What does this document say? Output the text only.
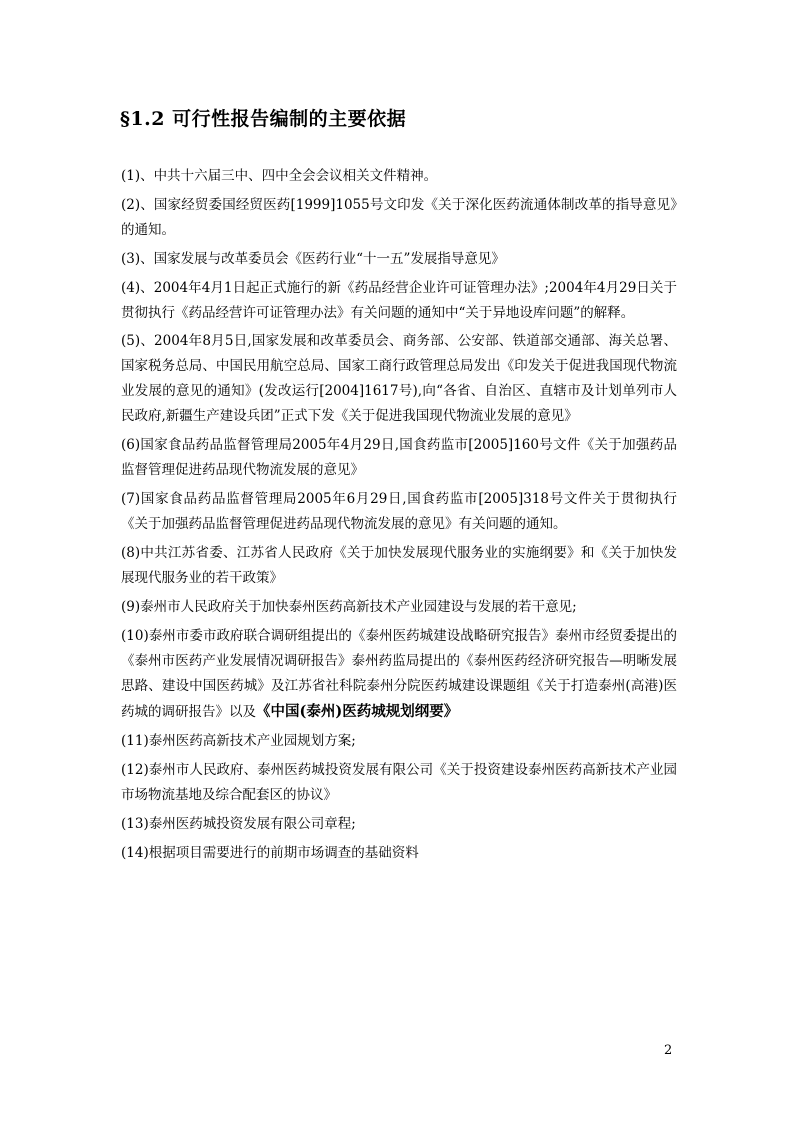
§1.2 可行性报告编制的主要依据

(1)、中共十六届三中、四中全会会议相关文件精神。

(2)、国家经贸委国经贸医药[1999]1055号文印发《关于深化医药流通体制改革的指导意见》的通知。

(3)、国家发展与改革委员会《医药行业“十一五”发展指导意见》

(4)、2004年4月1日起正式施行的新《药品经营企业许可证管理办法》;2004年4月29日关于贯彻执行《药品经营许可证管理办法》有关问题的通知中“关于异地设库问题”的解释。

(5)、2004年8月5日,国家发展和改革委员会、商务部、公安部、铁道部交通部、海关总署、国家税务总局、中国民用航空总局、国家工商行政管理总局发出《印发关于促进我国现代物流业发展的意见的通知》(发改运行[2004]1617号),向“各省、自治区、直辖市及计划单列市人民政府,新疆生产建设兵团”正式下发《关于促进我国现代物流业发展的意见》

(6)国家食品药品监督管理局2005年4月29日,国食药监市[2005]160号文件《关于加强药品监督管理促进药品现代物流发展的意见》

(7)国家食品药品监督管理局2005年6月29日,国食药监市[2005]318号文件关于贯彻执行《关于加强药品监督管理促进药品现代物流发展的意见》有关问题的通知。

(8)中共江苏省委、江苏省人民政府《关于加快发展现代服务业的实施纲要》和《关于加快发展现代服务业的若干政策》

(9)泰州市人民政府关于加快泰州医药高新技术产业园建设与发展的若干意见;

(10)泰州市委市政府联合调研组提出的《泰州医药城建设战略研究报告》泰州市经贸委提出的《泰州市医药产业发展情况调研报告》泰州药监局提出的《泰州医药经济研究报告—明晰发展思路、建设中国医药城》及江苏省社科院泰州分院医药城建设课题组《关于打造泰州(高港)医药城的调研报告》以及《中国(泰州)医药城规划纲要》

(11)泰州医药高新技术产业园规划方案;

(12)泰州市人民政府、泰州医药城投资发展有限公司《关于投资建设泰州医药高新技术产业园市场物流基地及综合配套区的协议》

(13)泰州医药城投资发展有限公司章程;

(14)根据项目需要进行的前期市场调查的基础资料

2
